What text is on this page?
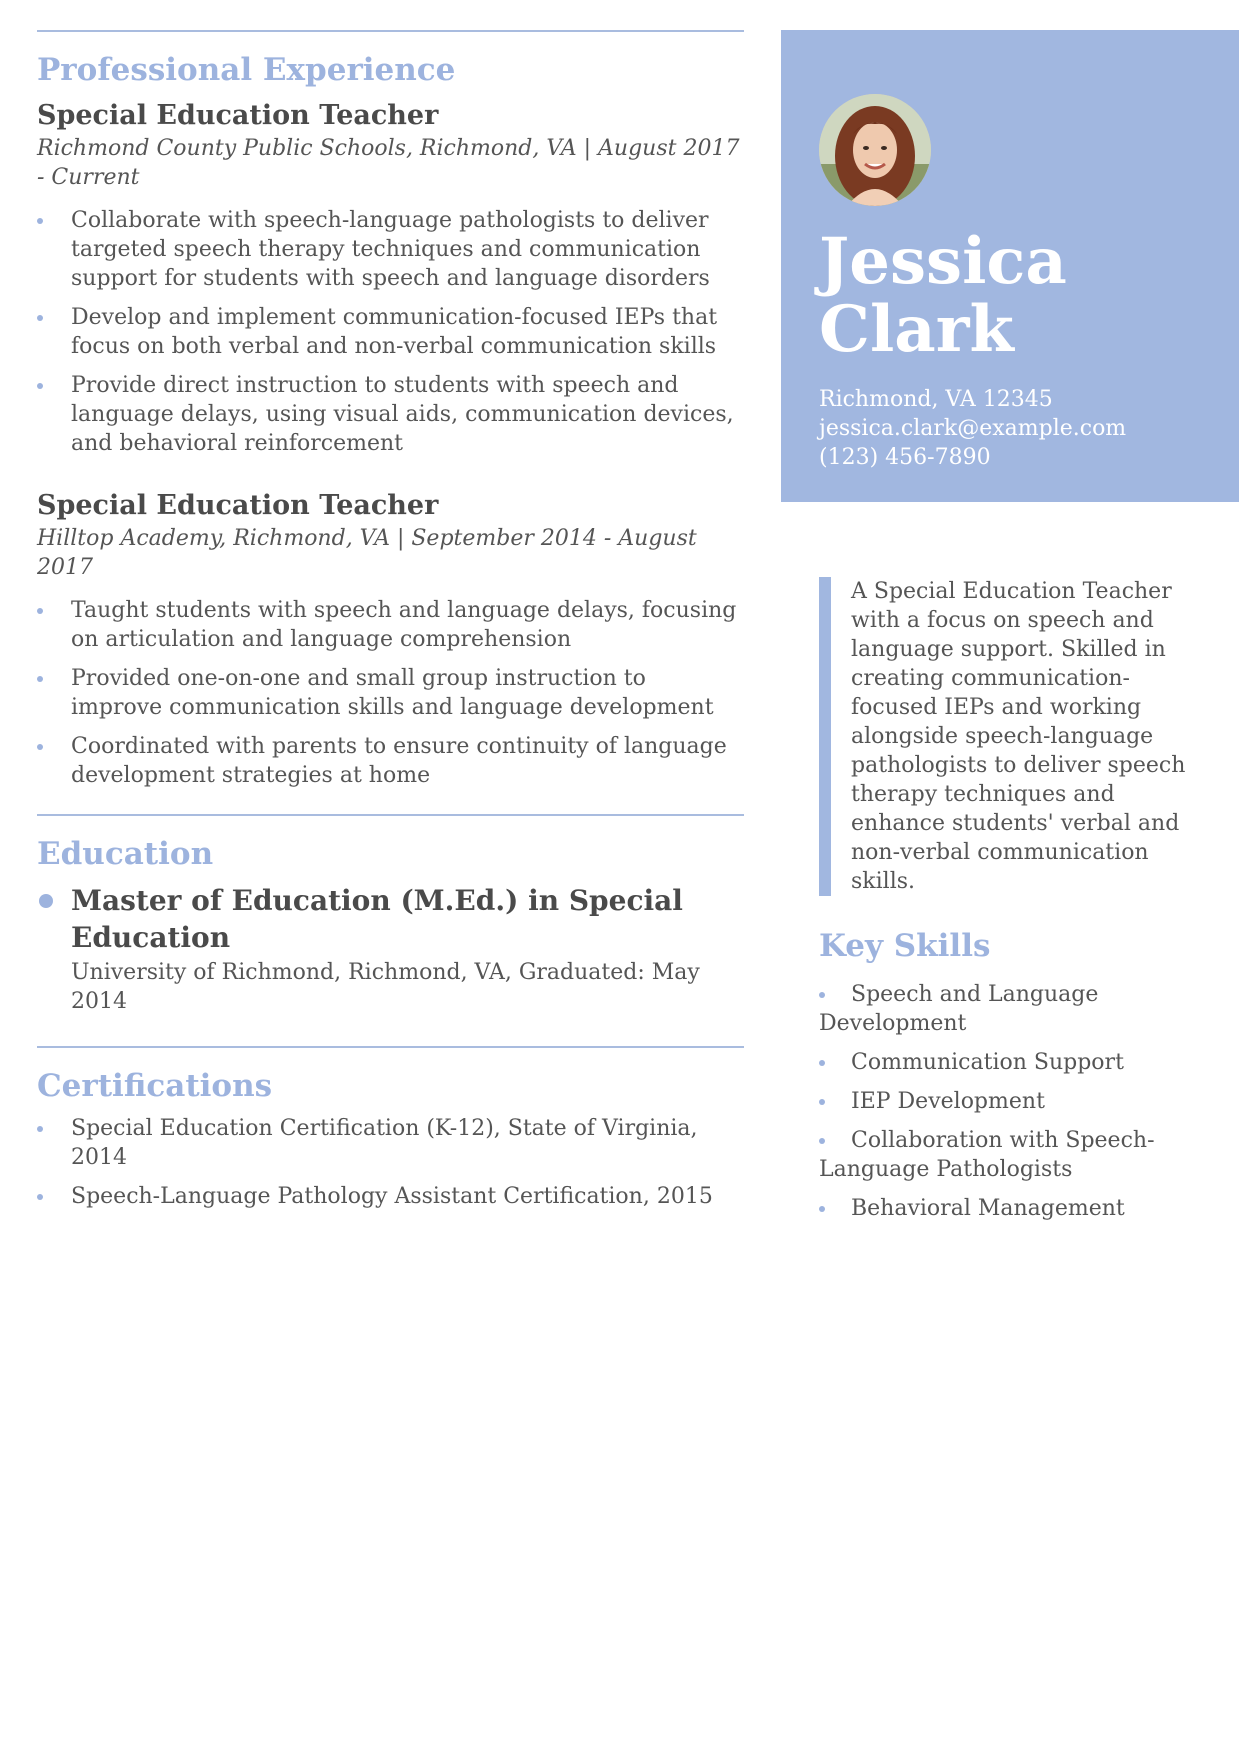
Professional Experience
Special Education Teacher
Richmond County Public Schools, Richmond, VA | August 2017 - Current
Collaborate with speech-language pathologists to deliver targeted speech therapy techniques and communication support for students with speech and language disorders
Develop and implement communication-focused IEPs that focus on both verbal and non-verbal communication skills
Provide direct instruction to students with speech and language delays, using visual aids, communication devices, and behavioral reinforcement
Special Education Teacher
Hilltop Academy, Richmond, VA | September 2014 - August 2017
Taught students with speech and language delays, focusing on articulation and language comprehension
Provided one-on-one and small group instruction to improve communication skills and language development
Coordinated with parents to ensure continuity of language development strategies at home
Education
Master of Education (M.Ed.) in Special Education
University of Richmond, Richmond, VA, Graduated: May 2014
Certifications
Special Education Certification (K-12), State of Virginia, 2014
Speech-Language Pathology Assistant Certification, 2015
Jessica
Clark
Richmond, VA 12345
jessica.clark@example.com
(123) 456-7890
A Special Education Teacher with a focus on speech and language support. Skilled in creating communication-focused IEPs and working alongside speech-language pathologists to deliver speech therapy techniques and enhance students' verbal and non-verbal communication skills.
Key Skills
Speech and Language Development
Communication Support
IEP Development
Collaboration with Speech-Language Pathologists
Behavioral Management
